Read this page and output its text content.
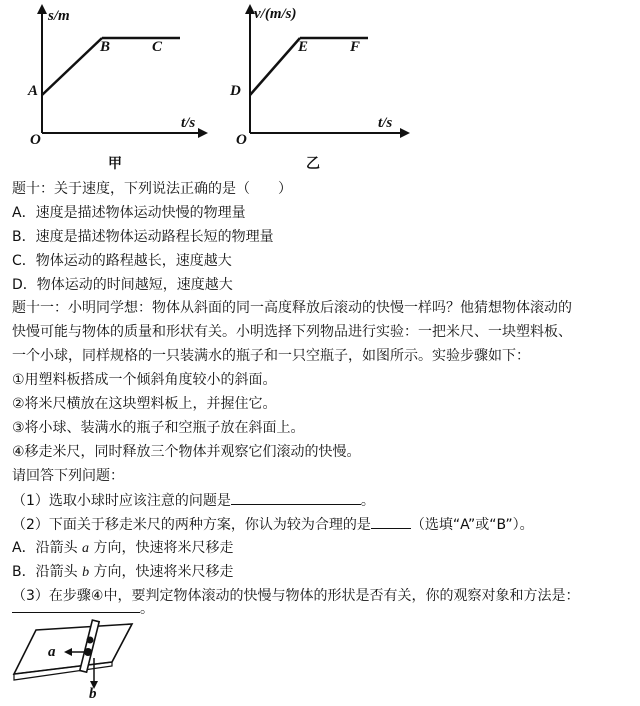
s/m
t/s
O
A
B	C
甲
v/(m/s)
t/s
O
D
E	F
乙
题十：关于速度，下列说法正确的是（　　）
A．速度是描述物体运动快慢的物理量
B．速度是描述物体运动路程长短的物理量
C．物体运动的路程越长，速度越大
D．物体运动的时间越短，速度越大
题十一：小明同学想：物体从斜面的同一高度释放后滚动的快慢一样吗？他猜想物体滚动的
快慢可能与物体的质量和形状有关。小明选择下列物品进行实验：一把米尺、一块塑料板、
一个小球，同样规格的一只装满水的瓶子和一只空瓶子，如图所示。实验步骤如下：
①用塑料板搭成一个倾斜角度较小的斜面。
②将米尺横放在这块塑料板上，并握住它。
③将小球、装满水的瓶子和空瓶子放在斜面上。
④移走米尺，同时释放三个物体并观察它们滚动的快慢。
请回答下列问题：
（1）选取小球时应该注意的问题是	。
（2）下面关于移走米尺的两种方案，你认为较为合理的是	（选填“A”或“B”）。
A．沿箭头 a 方向，快速将米尺移走
B．沿箭头 b 方向，快速将米尺移走
（3）在步骤④中，要判定物体滚动的快慢与物体的形状是否有关，你的观察对象和方法是：
。
a
b
